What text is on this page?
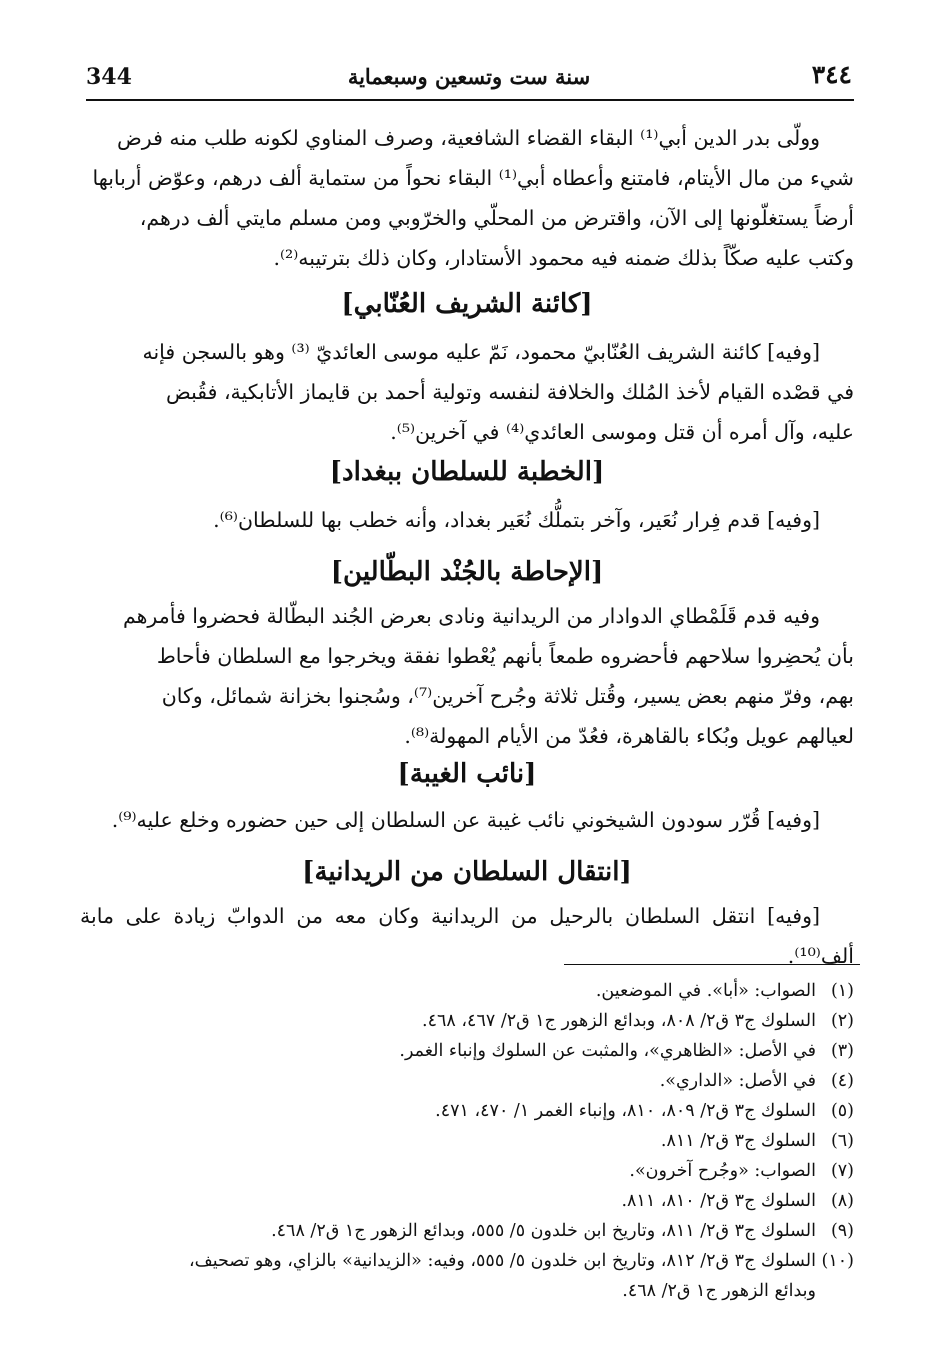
344	سنة ست وتسعين وسبعماية	٣٤٤
وولّى بدر الدين أبي⁽¹⁾ البقاء القضاء الشافعية، وصرف المناوي لكونه طلب منه فرض
شيء من مال الأيتام، فامتنع وأعطاه أبي⁽¹⁾ البقاء نحواً من ستماية ألف درهم، وعوّض أربابها
أرضاً يستغلّونها إلى الآن، واقترض من المحلّي والخرّوبي ومن مسلم مايتي ألف درهم،
وكتب عليه صكّاً بذلك ضمنه فيه محمود الأستادار، وكان ذلك بترتيبه⁽²⁾.
[كائنة الشريف العُنّابي]
[وفيه] كائنة الشريف العُنّابيّ محمود، نَمّ عليه موسى العائديّ ⁽³⁾ وهو بالسجن فإنه
في قصْده القيام لأخذ المُلك والخلافة لنفسه وتولية أحمد بن قايماز الأتابكية، فقُبض
عليه، وآل أمره أن قتل وموسى العائدي⁽⁴⁾ في آخرين⁽⁵⁾.
[الخطبة للسلطان ببغداد]
[وفيه] قدم فِرار نُعَير، وآخر بتملُّك نُعَير بغداد، وأنه خطب بها للسلطان⁽⁶⁾.
[الإحاطة بالجُنْد البطّالين]
وفيه قدم قَلَمْطاي الدوادار من الريدانية ونادى بعرض الجُند البطّالة فحضروا فأمرهم
بأن يُحضِروا سلاحهم فأحضروه طمعاً بأنهم يُعْطوا نفقة ويخرجوا مع السلطان فأحاط
بهم، وفرّ منهم بعض يسير، وقُتل ثلاثة وجُرح آخرين⁽⁷⁾، وسُجنوا بخزانة شمائل، وكان
لعيالهم عويل وبُكاء بالقاهرة، فعُدّ من الأيام المهولة⁽⁸⁾.
[نائب الغيبة]
[وفيه] قُرّر سودون الشيخوني نائب غيبة عن السلطان إلى حين حضوره وخلع عليه⁽⁹⁾.
[انتقال السلطان من الريدانية]
[وفيه] انتقل السلطان بالرحيل من الريدانية وكان معه من الدوابّ زيادة على مابة ألف⁽¹⁰⁾.
(١)الصواب: «أبا». في الموضعين.
(٢)السلوك ج٣ ق٢/ ٨٠٨، وبدائع الزهور ج١ ق٢/ ٤٦٧، ٤٦٨.
(٣)في الأصل: «الظاهري»، والمثبت عن السلوك وإنباء الغمر.
(٤)في الأصل: «الداري».
(٥)السلوك ج٣ ق٢/ ٨٠٩، ٨١٠، وإنباء الغمر ١/ ٤٧٠، ٤٧١.
(٦)السلوك ج٣ ق٢/ ٨١١.
(٧)الصواب: «وجُرح آخرون».
(٨)السلوك ج٣ ق٢/ ٨١٠، ٨١١.
(٩)السلوك ج٣ ق٢/ ٨١١، وتاريخ ابن خلدون ٥/ ٥٥٥، وبدائع الزهور ج١ ق٢/ ٤٦٨.
(١٠)السلوك ج٣ ق٢/ ٨١٢، وتاريخ ابن خلدون ٥/ ٥٥٥، وفيه: «الزيدانية» بالزاي، وهو تصحيف،
وبدائع الزهور ج١ ق٢/ ٤٦٨.
